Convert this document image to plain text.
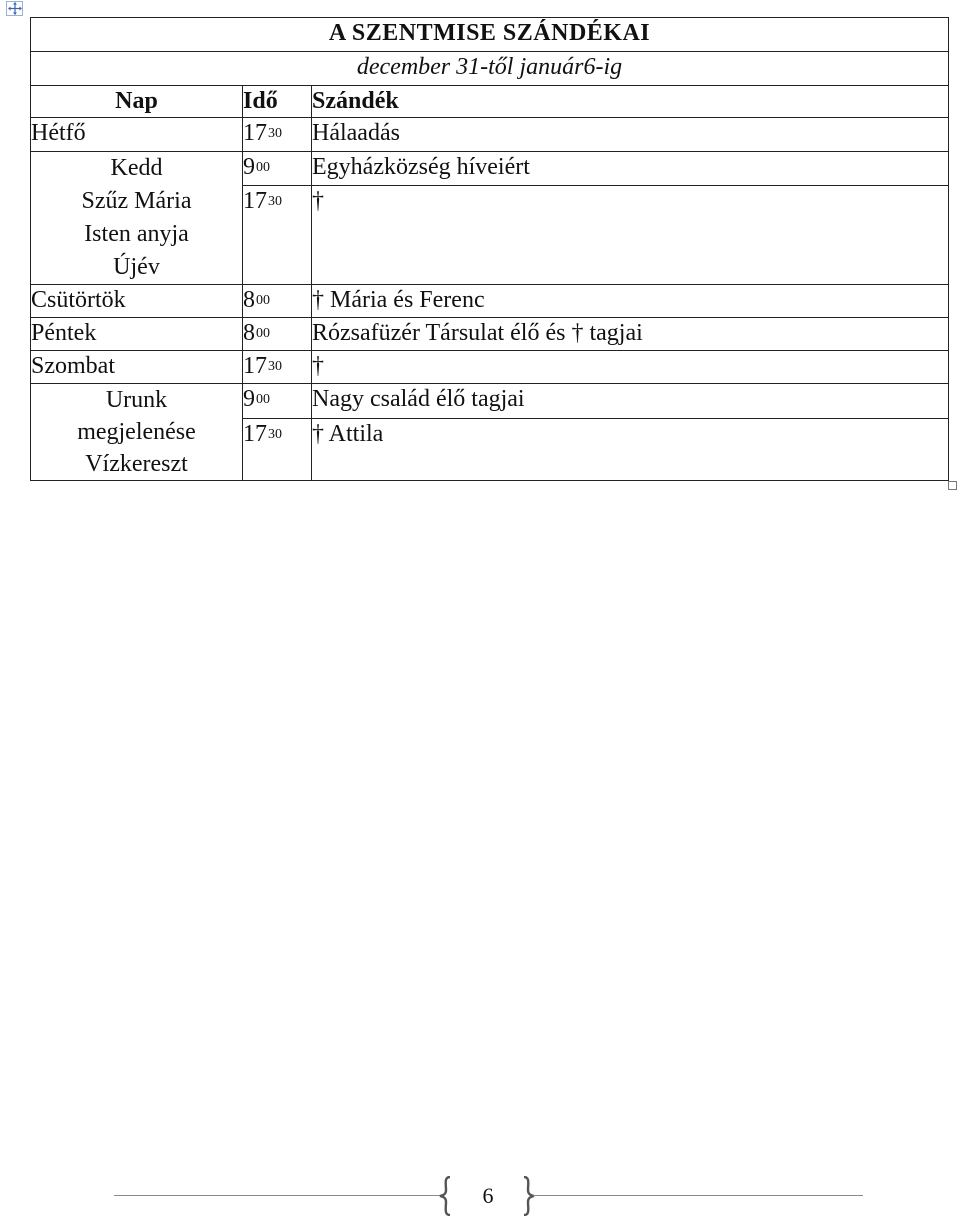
A SZENTMISE SZÁNDÉKAI		
december 31-től január6-ig		
Nap	Idő	Szándék
Hétfő	$17^{30}$	Hálaadás

Kedd
Szűz Mária
Isten anyja
Újév	$9^{00}$	Egyházközség híveiért
	$17^{30}$	†
Csütörtök	$8^{00}$	† Mária és Ferenc
Péntek	$8^{00}$	Rózsafüzér Társulat élő és † tagjai
Szombat	$17^{30}$	†

Urunk
megjelenése
Vízkereszt	$9^{00}$	Nagy család élő tagjai
	$17^{30}$	† Attila
6
